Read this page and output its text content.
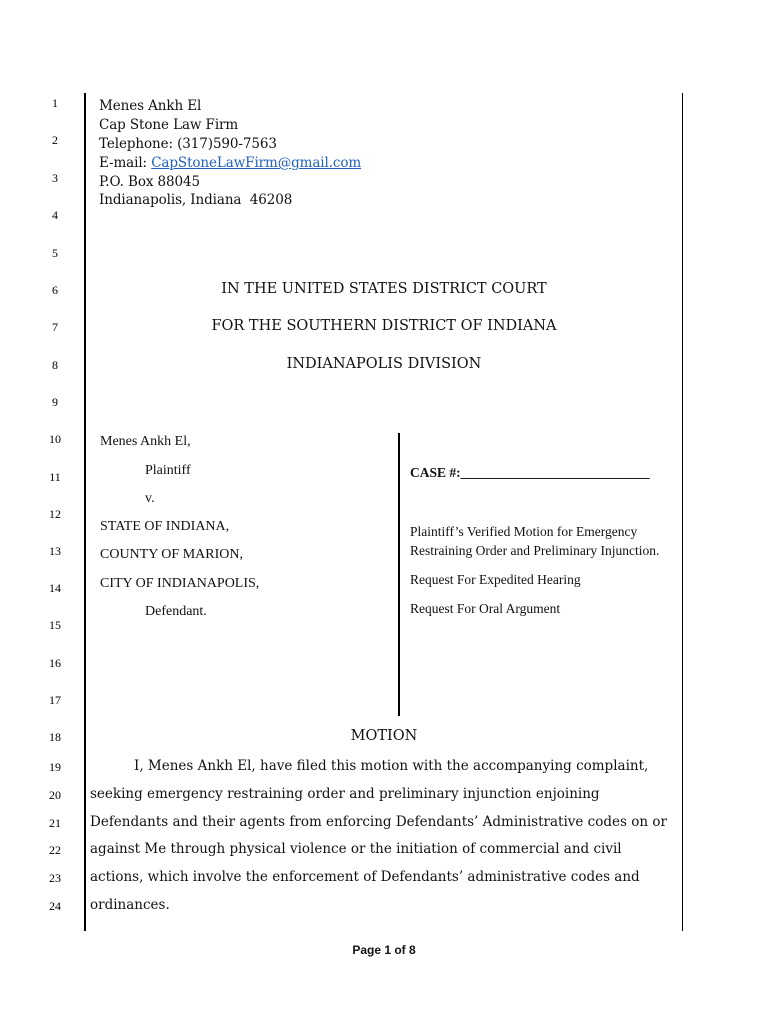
1
2
3
4
5
6
7
8
9
10
11
12
13
14
15
16
17
18
19
20
21
22
23
24
Menes Ankh El
Cap Stone Law Firm
Telephone: (317)590-7563
E-mail: CapStoneLawFirm@gmail.com
P.O. Box 88045
Indianapolis, Indiana  46208
IN THE UNITED STATES DISTRICT COURT
FOR THE SOUTHERN DISTRICT OF INDIANA
INDIANAPOLIS DIVISION
Menes Ankh El,
Plaintiff
v.
STATE OF INDIANA,
COUNTY OF MARION,
CITY OF INDIANAPOLIS,
Defendant.
CASE #:____________________________
Plaintiff’s Verified Motion for Emergency
Restraining Order and Preliminary Injunction.
Request For Expedited Hearing
Request For Oral Argument
MOTION
I, Menes Ankh El, have filed this motion with the accompanying complaint,
seeking emergency restraining order and preliminary injunction enjoining
Defendants and their agents from enforcing Defendants’ Administrative codes on or
against Me through physical violence or the initiation of commercial and civil
actions, which involve the enforcement of Defendants’ administrative codes and
ordinances.
Page 1 of 8
